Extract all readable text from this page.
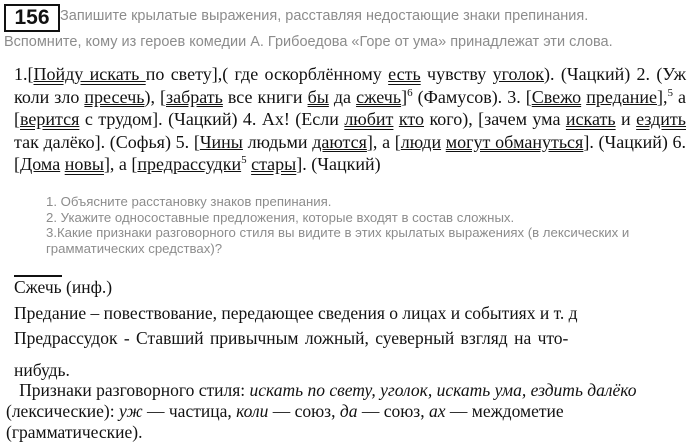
156 Запишите крылатые выражения, расставляя недостающие знаки препинания.
Вспомните, кому из героев комедии А. Грибоедова «Горе от ума» принадлежат эти слова.
1.[Пойду искать по свету],( где оскорблённому есть чувству уголок). (Чацкий) 2. (Уж коли зло пресечь), [забрать все книги бы да сжечь]$^6$ (Фамусов). 3. [Свежо предание],$^5$ а [верится с трудом]. (Чацкий) 4. Ах! (Если любит кто кого), [зачем ума искать и ездить так далёко]. (Софья) 5. [Чины людьми даются], а [люди могут обмануться]. (Чацкий) 6. [Дома новы], а [предрассудки$^5$ стары]. (Чацкий)

1. Объясните расстановку знаков препинания.

2. Укажите односоставные предложения, которые входят в состав сложных.

3.Какие признаки разговорного стиля вы видите в этих крылатых выражениях (в лексических и грамматических средствах)?

Сжечь (инф.)
Предание – повествование, передающее сведения о лицах и событиях и т. д
Предрассудок - Ставший привычным ложный, суеверный взгляд на что-
нибудь.
Признаки разговорного стиля: искать по свету, уголок, искать ума, ездить далёко (лексические): уж — частица, коли — союз, да — союз, ах — междометие (грамматические).
